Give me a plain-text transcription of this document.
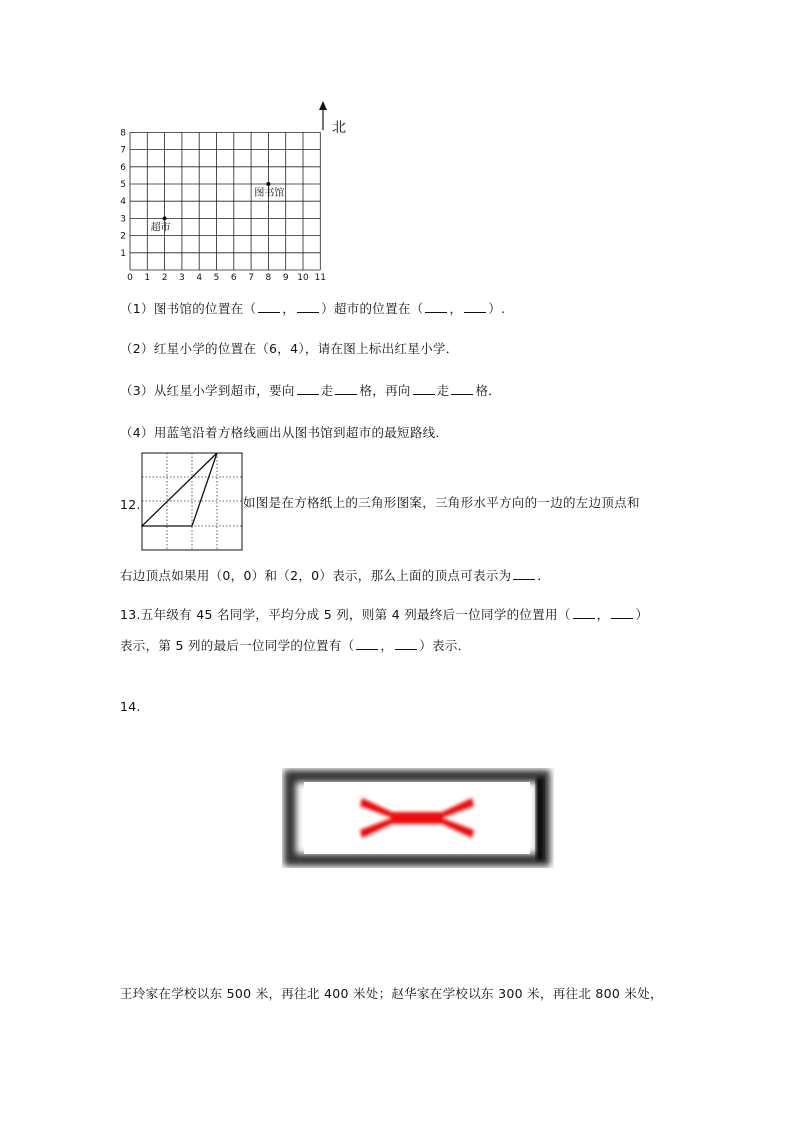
0 1 2 3 4 5 6 7 8 9 10 11
1
2
3
4
5
6
7
8
图书馆
超市
北
（1）图书馆的位置在（ ， ）超市的位置在（ ， ）.
（2）红星小学的位置在（6，4），请在图上标出红星小学．
（3）从红星小学到超市，要向 走 格，再向 走 格．
（4）用蓝笔沿着方格线画出从图书馆到超市的最短路线．
12.	如图是在方格纸上的三角形图案，三角形水平方向的一边的左边顶点和
右边顶点如果用（0，0）和（2，0）表示，那么上面的顶点可表示为 ．
13.五年级有 45 名同学，平均分成 5 列，则第 4 列最终后一位同学的位置用（ ， ）
表示，第 5 列的最后一位同学的位置有（ ， ）表示．
14.
王玲家在学校以东 500 米，再往北 400 米处；赵华家在学校以东 300 米，再往北 800 米处，
